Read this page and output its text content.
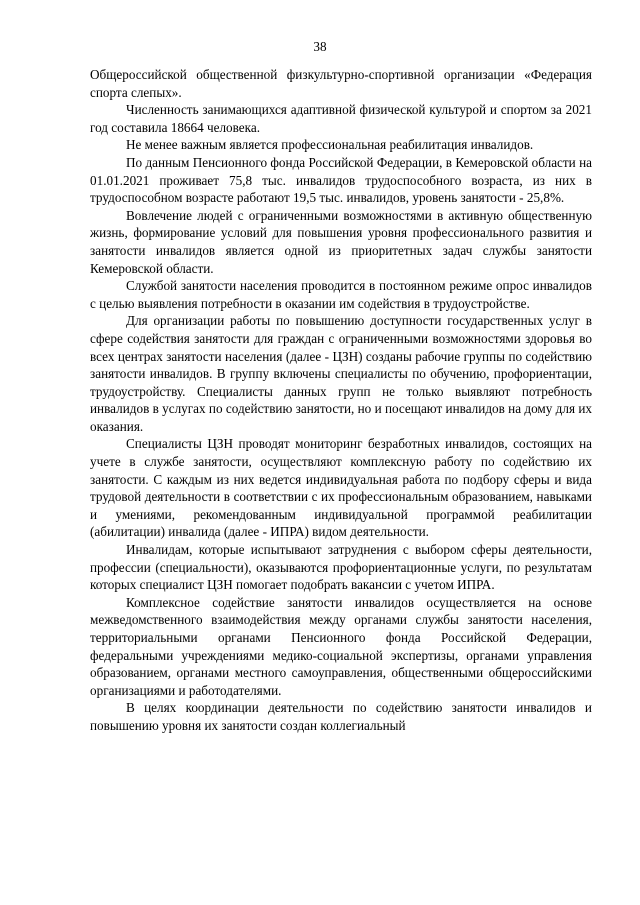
38

Общероссийской общественной физкультурно-спортивной организации «Федерация спорта слепых».

Численность занимающихся адаптивной физической культурой и спортом за 2021 год составила 18664 человека.

Не менее важным является профессиональная реабилитация инвалидов.

По данным Пенсионного фонда Российской Федерации, в Кемеровской области на 01.01.2021 проживает 75,8 тыс. инвалидов трудоспособного возраста, из них в трудоспособном возрасте работают 19,5 тыс. инвалидов, уровень занятости - 25,8%.

Вовлечение людей с ограниченными возможностями в активную общественную жизнь, формирование условий для повышения уровня профессионального развития и занятости инвалидов является одной из приоритетных задач службы занятости Кемеровской области.

Службой занятости населения проводится в постоянном режиме опрос инвалидов с целью выявления потребности в оказании им содействия в трудоустройстве.

Для организации работы по повышению доступности государственных услуг в сфере содействия занятости для граждан с ограниченными возможностями здоровья во всех центрах занятости населения (далее - ЦЗН) созданы рабочие группы по содействию занятости инвалидов. В группу включены специалисты по обучению, профориентации, трудоустройству. Специалисты данных групп не только выявляют потребность инвалидов в услугах по содействию занятости, но и посещают инвалидов на дому для их оказания.

Специалисты ЦЗН проводят мониторинг безработных инвалидов, состоящих на учете в службе занятости, осуществляют комплексную работу по содействию их занятости. С каждым из них ведется индивидуальная работа по подбору сферы и вида трудовой деятельности в соответствии с их профессиональным образованием, навыками и умениями, рекомендованным индивидуальной программой реабилитации (абилитации) инвалида (далее - ИПРА) видом деятельности.

Инвалидам, которые испытывают затруднения с выбором сферы деятельности, профессии (специальности), оказываются профориентационные услуги, по результатам которых специалист ЦЗН помогает подобрать вакансии с учетом ИПРА.

Комплексное содействие занятости инвалидов осуществляется на основе межведомственного взаимодействия между органами службы занятости населения, территориальными органами Пенсионного фонда Российской Федерации, федеральными учреждениями медико-социальной экспертизы, органами управления образованием, органами местного самоуправления, общественными общероссийскими организациями и работодателями.

В целях координации деятельности по содействию занятости инвалидов и повышению уровня их занятости создан коллегиальный
